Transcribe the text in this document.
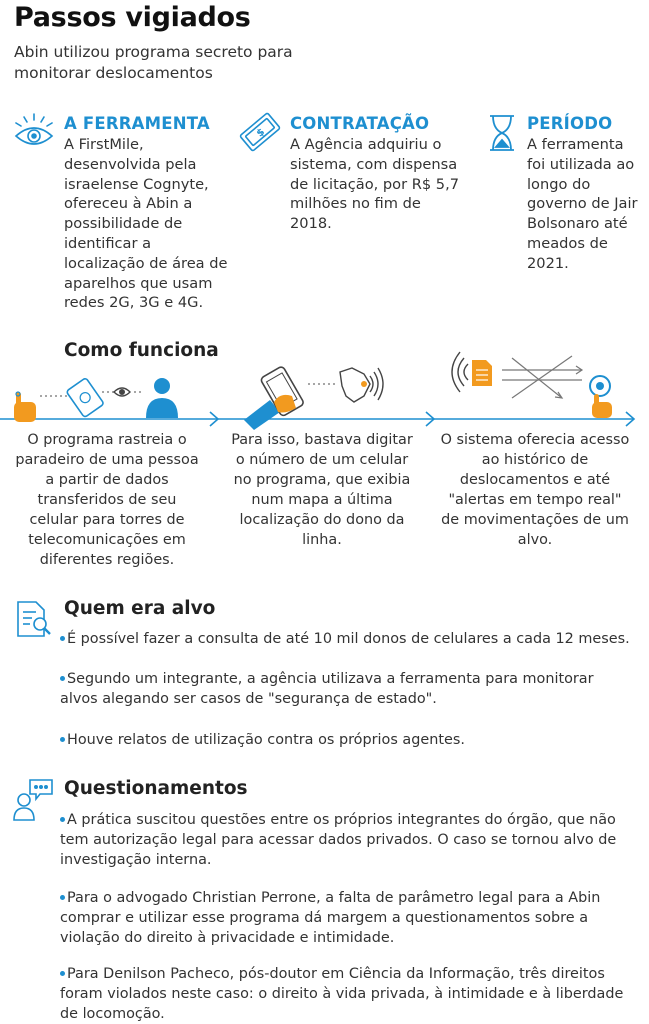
Passos vigiados
Abin utilizou programa secreto para monitorar deslocamentos
$
A FERRAMENTA
A FirstMile, desenvolvida pela israelense Cognyte, ofereceu à Abin a possibilidade de identificar a localização de área de aparelhos que usam redes 2G, 3G e 4G.
CONTRATAÇÃO
A Agência adquiriu o sistema, com dispensa de licitação, por R$ 5,7 milhões no fim de 2018.
PERÍODO
A ferramenta foi utilizada ao longo do governo de Jair Bolsonaro até meados de 2021.
Como funciona
O programa rastreia o paradeiro de uma pessoa a partir de dados transferidos de seu celular para torres de telecomunicações em diferentes regiões.
Para isso, bastava digitar o número de um celular no programa, que exibia num mapa a última localização do dono da linha.
O sistema oferecia acesso ao histórico de deslocamentos e até "alertas em tempo real" de movimentações de um alvo.
Quem era alvo
É possível fazer a consulta de até 10 mil donos de celulares a cada 12 meses.
Segundo um integrante, a agência utilizava a ferramenta para monitorar alvos alegando ser casos de "segurança de estado".
Houve relatos de utilização contra os próprios agentes.
Questionamentos
A prática suscitou questões entre os próprios integrantes do órgão, que não tem autorização legal para acessar dados privados. O caso se tornou alvo de investigação interna.
Para o advogado Christian Perrone, a falta de parâmetro legal para a Abin comprar e utilizar esse programa dá margem a questionamentos sobre a violação do direito à privacidade e intimidade.
Para Denilson Pacheco, pós-doutor em Ciência da Informação, três direitos foram violados neste caso: o direito à vida privada, à intimidade e à liberdade de locomoção.
